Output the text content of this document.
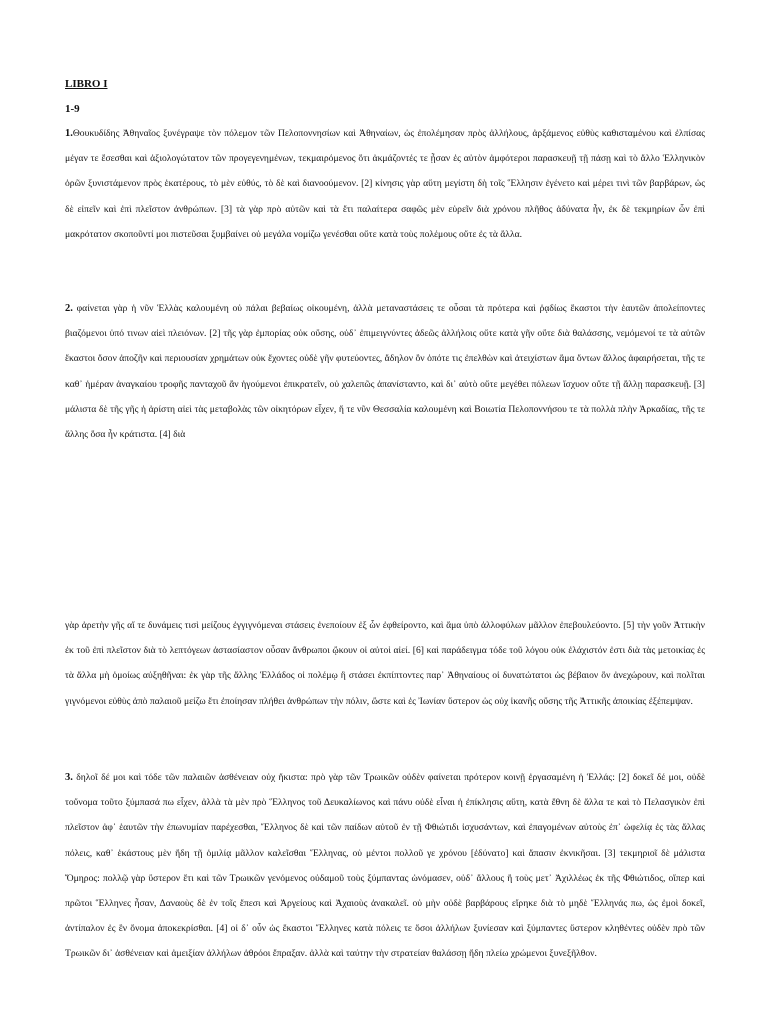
LIBRO I
1-9

1.Θουκυδίδης Ἀθηναῖος ξυνέγραψε τὸν πόλεμον τῶν Πελοποννησίων καὶ Ἀθηναίων, ὡς ἐπολέμησαν πρὸς ἀλλήλους, ἀρξάμενος εὐθὺς καθισταμένου καὶ ἐλπίσας μέγαν τε ἔσεσθαι καὶ ἀξιολογώτατον τῶν προγεγενημένων, τεκμαιρόμενος ὅτι ἀκμάζοντές τε ᾖσαν ἐς αὐτὸν ἀμφότεροι παρασκευῇ τῇ πάσῃ καὶ τὸ ἄλλο Ἑλληνικὸν ὁρῶν ξυνιστάμενον πρὸς ἑκατέρους, τὸ μὲν εὐθύς, τὸ δὲ καὶ διανοούμενον. [2] κίνησις γὰρ αὕτη μεγίστη δὴ τοῖς Ἕλλησιν ἐγένετο καὶ μέρει τινὶ τῶν βαρβάρων, ὡς δὲ εἰπεῖν καὶ ἐπὶ πλεῖστον ἀνθρώπων. [3] τὰ γὰρ πρὸ αὐτῶν καὶ τὰ ἔτι παλαίτερα σαφῶς μὲν εὑρεῖν διὰ χρόνου πλῆθος ἀδύνατα ἦν, ἐκ δὲ τεκμηρίων ὧν ἐπὶ μακρότατον σκοποῦντί μοι πιστεῦσαι ξυμβαίνει οὐ μεγάλα νομίζω γενέσθαι οὔτε κατὰ τοὺς πολέμους οὔτε ἐς τὰ ἄλλα.

2. φαίνεται γὰρ ἡ νῦν Ἑλλὰς καλουμένη οὐ πάλαι βεβαίως οἰκουμένη, ἀλλὰ μεταναστάσεις τε οὖσαι τὰ πρότερα καὶ ῥᾳδίως ἕκαστοι τὴν ἑαυτῶν ἀπολείποντες βιαζόμενοι ὑπό τινων αἰεὶ πλειόνων. [2] τῆς γὰρ ἐμπορίας οὐκ οὔσης, οὐδ᾽ ἐπιμειγνύντες ἀδεῶς ἀλλήλοις οὔτε κατὰ γῆν οὔτε διὰ θαλάσσης, νεμόμενοί τε τὰ αὑτῶν ἕκαστοι ὅσον ἀποζῆν καὶ περιουσίαν χρημάτων οὐκ ἔχοντες οὐδὲ γῆν φυτεύοντες, ἄδηλον ὂν ὁπότε τις ἐπελθὼν καὶ ἀτειχίστων ἅμα ὄντων ἄλλος ἀφαιρήσεται, τῆς τε καθ᾽ ἡμέραν ἀναγκαίου τροφῆς πανταχοῦ ἂν ἡγούμενοι ἐπικρατεῖν, οὐ χαλεπῶς ἀπανίσταντο, καὶ δι᾽ αὐτὸ οὔτε μεγέθει πόλεων ἴσχυον οὔτε τῇ ἄλλῃ παρασκευῇ. [3] μάλιστα δὲ τῆς γῆς ἡ ἀρίστη αἰεὶ τὰς μεταβολὰς τῶν οἰκητόρων εἶχεν, ἥ τε νῦν Θεσσαλία καλουμένη καὶ Βοιωτία Πελοποννήσου τε τὰ πολλὰ πλὴν Ἀρκαδίας, τῆς τε ἄλλης ὅσα ἦν κράτιστα. [4] διὰ

γὰρ ἀρετὴν γῆς αἵ τε δυνάμεις τισὶ μείζους ἐγγιγνόμεναι στάσεις ἐνεποίουν ἐξ ὧν ἐφθείροντο, καὶ ἅμα ὑπὸ ἀλλοφύλων μᾶλλον ἐπεβουλεύοντο. [5] τὴν γοῦν Ἀττικὴν ἐκ τοῦ ἐπὶ πλεῖστον διὰ τὸ λεπτόγεων ἀστασίαστον οὖσαν ἄνθρωποι ᾤκουν οἱ αὐτοὶ αἰεί. [6] καὶ παράδειγμα τόδε τοῦ λόγου οὐκ ἐλάχιστόν ἐστι διὰ τὰς μετοικίας ἐς τὰ ἄλλα μὴ ὁμοίως αὐξηθῆναι: ἐκ γὰρ τῆς ἄλλης Ἑλλάδος οἱ πολέμῳ ἢ στάσει ἐκπίπτοντες παρ᾽ Ἀθηναίους οἱ δυνατώτατοι ὡς βέβαιον ὂν ἀνεχώρουν, καὶ πολῖται γιγνόμενοι εὐθὺς ἀπὸ παλαιοῦ μείζω ἔτι ἐποίησαν πλήθει ἀνθρώπων τὴν πόλιν, ὥστε καὶ ἐς Ἰωνίαν ὕστερον ὡς οὐχ ἱκανῆς οὔσης τῆς Ἀττικῆς ἀποικίας ἐξέπεμψαν.

3. δηλοῖ δέ μοι καὶ τόδε τῶν παλαιῶν ἀσθένειαν οὐχ ἥκιστα: πρὸ γὰρ τῶν Τρωικῶν οὐδὲν φαίνεται πρότερον κοινῇ ἐργασαμένη ἡ Ἑλλάς: [2] δοκεῖ δέ μοι, οὐδὲ τοὔνομα τοῦτο ξύμπασά πω εἶχεν, ἀλλὰ τὰ μὲν πρὸ Ἕλληνος τοῦ Δευκαλίωνος καὶ πάνυ οὐδὲ εἶναι ἡ ἐπίκλησις αὕτη, κατὰ ἔθνη δὲ ἄλλα τε καὶ τὸ Πελασγικὸν ἐπὶ πλεῖστον ἀφ᾽ ἑαυτῶν τὴν ἐπωνυμίαν παρέχεσθαι, Ἕλληνος δὲ καὶ τῶν παίδων αὐτοῦ ἐν τῇ Φθιώτιδι ἰσχυσάντων, καὶ ἐπαγομένων αὐτοὺς ἐπ᾽ ὠφελίᾳ ἐς τὰς ἄλλας πόλεις, καθ᾽ ἑκάστους μὲν ἤδη τῇ ὁμιλίᾳ μᾶλλον καλεῖσθαι Ἕλληνας, οὐ μέντοι πολλοῦ γε χρόνου [ἐδύνατο] καὶ ἅπασιν ἐκνικῆσαι. [3] τεκμηριοῖ δὲ μάλιστα Ὅμηρος: πολλῷ γὰρ ὕστερον ἔτι καὶ τῶν Τρωικῶν γενόμενος οὐδαμοῦ τοὺς ξύμπαντας ὠνόμασεν, οὐδ᾽ ἄλλους ἢ τοὺς μετ᾽ Ἀχιλλέως ἐκ τῆς Φθιώτιδος, οἵπερ καὶ πρῶτοι Ἕλληνες ἦσαν, Δαναοὺς δὲ ἐν τοῖς ἔπεσι καὶ Ἀργείους καὶ Ἀχαιοὺς ἀνακαλεῖ. οὐ μὴν οὐδὲ βαρβάρους εἴρηκε διὰ τὸ μηδὲ Ἕλληνάς πω, ὡς ἐμοὶ δοκεῖ, ἀντίπαλον ἐς ἓν ὄνομα ἀποκεκρίσθαι. [4] οἱ δ᾽ οὖν ὡς ἕκαστοι Ἕλληνες κατὰ πόλεις τε ὅσοι ἀλλήλων ξυνίεσαν καὶ ξύμπαντες ὕστερον κληθέντες οὐδὲν πρὸ τῶν Τρωικῶν δι᾽ ἀσθένειαν καὶ ἀμειξίαν ἀλλήλων ἁθρόοι ἔπραξαν. ἀλλὰ καὶ ταύτην τὴν στρατείαν θαλάσσῃ ἤδη πλείω χρώμενοι ξυνεξῆλθον.
